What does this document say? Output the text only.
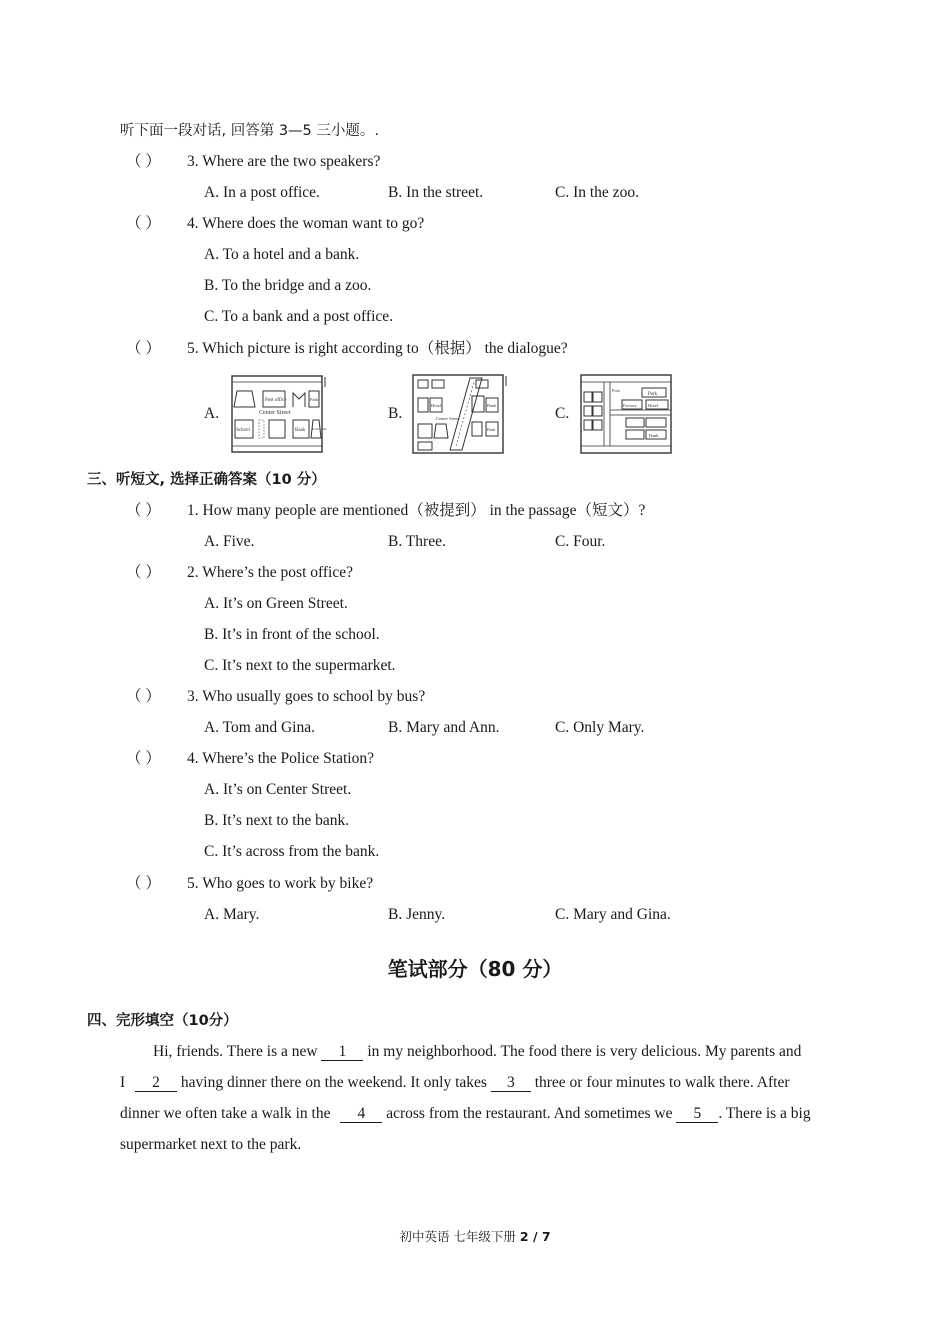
听下面一段对话, 回答第 3—5 三小题。.
（ ） 3. Where are the two speakers?
A. In a post office.	B. In the street.	C. In the zoo.
（ ） 4. Where does the woman want to go?
A. To a hotel and a bank.
B. To the bridge and a zoo.
C. To a bank and a post office.
（ ） 5. Which picture is right according to（根据） the dialogue?
A.	B.	C.
Post office	Park
Center Street
School	Bank Police Stn.
Hotel
Center Street
Bank
Park
Post
Park
Factory	Hotel
Bank
三、听短文, 选择正确答案（10 分）
（ ） 1. How many people are mentioned（被提到） in the passage（短文）?
A. Five.	B. Three.	C. Four.
（ ） 2. Where’s the post office?
A. It’s on Green Street.
B. It’s in front of the school.
C. It’s next to the supermarket.
（ ） 3. Who usually goes to school by bus?
A. Tom and Gina.	B. Mary and Ann.	C. Only Mary.
（ ） 4. Where’s the Police Station?
A. It’s on Center Street.
B. It’s next to the bank.
C. It’s across from the bank.
（ ） 5. Who goes to work by bike?
A. Mary.	B. Jenny.	C. Mary and Gina.
笔试部分（80 分）
四、完形填空（10分）
Hi, friends. There is a new 1 in my neighborhood. The food there is very delicious. My parents and
I 2 having dinner there on the weekend. It only takes 3 three or four minutes to walk there. After
dinner we often take a walk in the 4 across from the restaurant. And sometimes we 5 . There is a big
supermarket next to the park.
初中英语 七年级下册 2 / 7
